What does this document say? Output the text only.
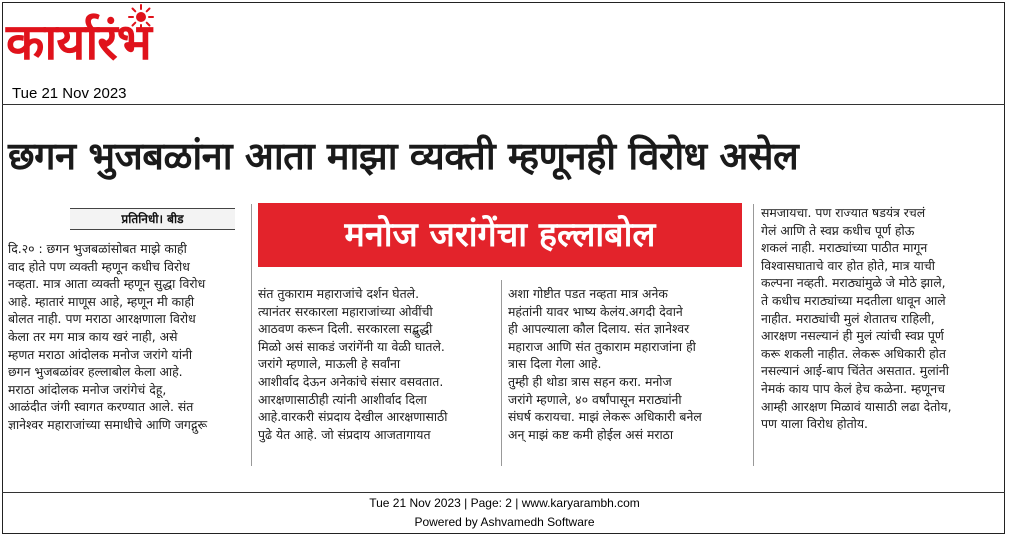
कार्यारंभ
Tue 21 Nov 2023
छगन भुजबळांना आता माझा व्यक्ती म्हणूनही विरोध असेल
प्रतिनिधी। बीड	मनोज जरांगेंचा हल्लाबोल

दि.२० : छगन भुजबळांसोबत माझे काही

वाद होते पण व्यक्ती म्हणून कधीच विरोध

नव्हता. मात्र आता व्यक्ती म्हणून सुद्धा विरोध

आहे. म्हातारं माणूस आहे, म्हणून मी काही

बोलत नाही. पण मराठा आरक्षणाला विरोध

केला तर मग मात्र काय खरं नाही, असे

म्हणत मराठा आंदोलक मनोज जरांगे यांनी

छगन भुजबळांवर हल्लाबोल केला आहे.

मराठा आंदोलक मनोज जरांगेचं देहू,

आळंदीत जंगी स्वागत करण्यात आले. संत

ज्ञानेश्वर महाराजांच्या समाधीचे आणि जगद्गुरू

संत तुकाराम महाराजांचे दर्शन घेतले.

त्यानंतर सरकारला महाराजांच्या ओवींची

आठवण करून दिली. सरकारला सद्बुद्धी

मिळो असं साकडं जरांगेंनी या वेळी घातले.

जरांगे म्हणाले, माऊली हे सर्वांना

आशीर्वाद देऊन अनेकांचे संसार वसवतात.

आरक्षणासाठीही त्यांनी आशीर्वाद दिला

आहे.वारकरी संप्रदाय देखील आरक्षणासाठी

पुढे येत आहे. जो संप्रदाय आजतागायत

अशा गोष्टीत पडत नव्हता मात्र अनेक

महंतांनी यावर भाष्य केलंय.अगदी देवाने

ही आपल्याला कौल दिलाय. संत ज्ञानेश्वर

महाराज आणि संत तुकाराम महाराजांना ही

त्रास दिला गेला आहे.

तुम्ही ही थोडा त्रास सहन करा. मनोज

जरांगे म्हणाले, ४० वर्षांपासून मराठ्यांनी

संघर्ष करायचा. माझं लेकरू अधिकारी बनेल

अन् माझं कष्ट कमी होईल असं मराठा

समजायचा. पण राज्यात षडयंत्र रचलं

गेलं आणि ते स्वप्न कधीच पूर्ण होऊ

शकलं नाही. मराठ्यांच्या पाठीत मागून

विश्वासघाताचे वार होत होते, मात्र याची

कल्पना नव्हती. मराठ्यांमुळे जे मोठे झाले,

ते कधीच मराठ्यांच्या मदतीला धावून आले

नाहीत. मराठ्यांची मुलं शेतातच राहिली,

आरक्षण नसल्यानं ही मुलं त्यांची स्वप्न पूर्ण

करू शकली नाहीत. लेकरू अधिकारी होत

नसल्यानं आई-बाप चिंतेत असतात. मुलांनी

नेमकं काय पाप केलं हेच कळेना. म्हणूनच

आम्ही आरक्षण मिळावं यासाठी लढा देतोय,

पण याला विरोध होतोय.

Tue 21 Nov 2023 | Page: 2 | www.karyarambh.com
Powered by Ashvamedh Software
